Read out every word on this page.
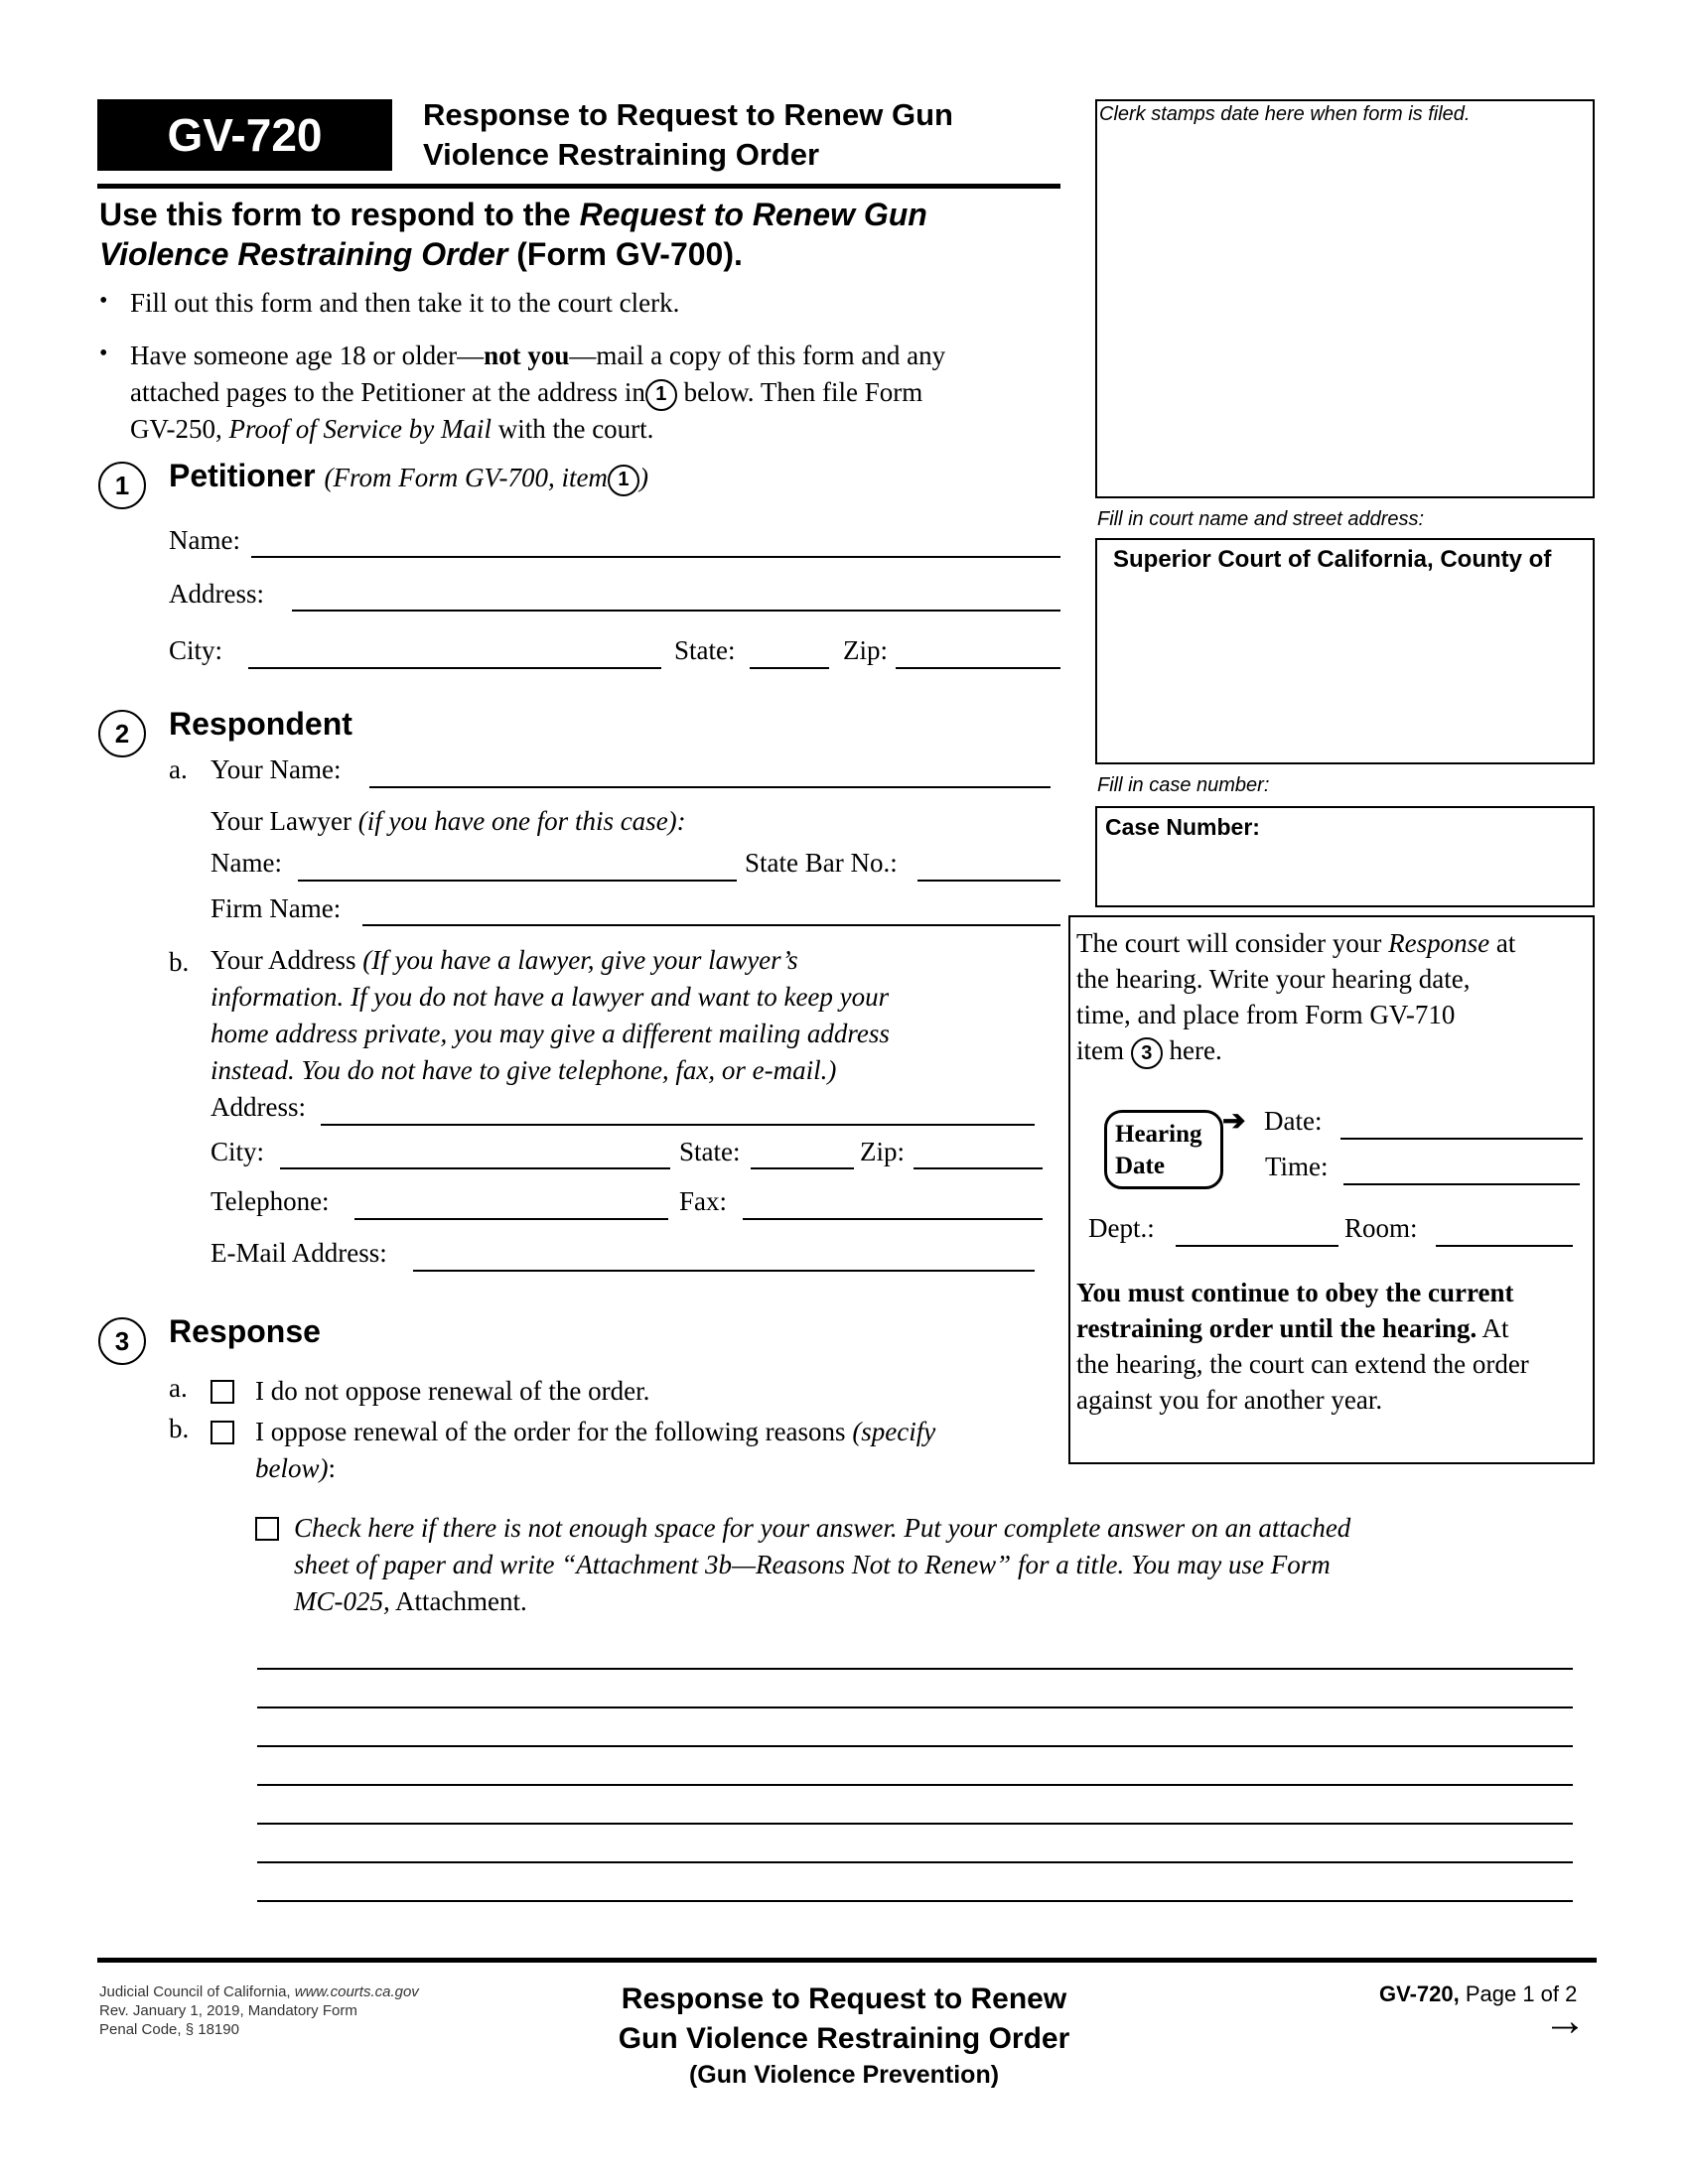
GV-720	Response to Request to Renew Gun
Violence Restraining Order
Use this form to respond to the Request to Renew Gun
Violence Restraining Order (Form GV-700).
• Fill out this form and then take it to the court clerk.
• Have someone age 18 or older—not you—mail a copy of this form and any
attached pages to the Petitioner at the address in 1 below. Then file Form
GV-250, Proof of Service by Mail with the court.
1	Petitioner (From Form GV-700, item 1 )
Name:
Address:
City:	State:	Zip:
2	Respondent
a. Your Name:
Your Lawyer (if you have one for this case):
Name:	State Bar No.:
Firm Name:
b. Your Address (If you have a lawyer, give your lawyer’s
information. If you do not have a lawyer and want to keep your
home address private, you may give a different mailing address
instead. You do not have to give telephone, fax, or e-mail.)
Address:
City:	State:	Zip:
Telephone:	Fax:
E-Mail Address:
3	Response
a.	I do not oppose renewal of the order.
b. I oppose renewal of the order for the following reasons (specify
below):
Check here if there is not enough space for your answer. Put your complete answer on an attached
sheet of paper and write “Attachment 3b—Reasons Not to Renew” for a title. You may use Form
MC-025, Attachment.
Clerk stamps date here when form is filed.
Fill in court name and street address:
Superior Court of California, County of
Fill in case number:
Case Number:
The court will consider your Response at
the hearing. Write your hearing date,
time, and place from Form GV-710
item 3 here.
Hearing
Date
➔ Date:
Time:
Dept.:	Room:
You must continue to obey the current
restraining order until the hearing. At
the hearing, the court can extend the order
against you for another year.
Judicial Council of California, www.courts.ca.gov
Rev. January 1, 2019, Mandatory Form
Penal Code, § 18190
Response to Request to Renew
Gun Violence Restraining Order
(Gun Violence Prevention)
GV-720, Page 1 of 2
→
